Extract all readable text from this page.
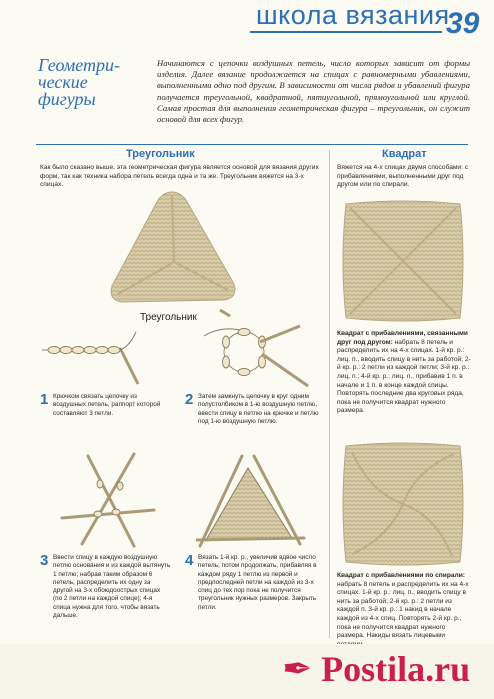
школа вязания
39
Геометри-
ческие
фигуры
Начинаются с цепочки воздушных петель, число которых зависит от формы изделия. Далее вязание продолжается на спицах с равномерными убавлениями, выполненными одно под другим. В зависимости от числа рядов и убавлений фигура получается треугольной, квадратной, пятиугольной, прямоугольной или круглой. Самая простая для выполнения геометрическая фигура – треугольник, он служит основой для всех фигур.
Треугольник
Как было сказано выше, эта геометрическая фигура является основой для вязания других форм, так как техника набора петель всегда одна и та же. Треугольник вяжется на 3-х спицах.
Треугольник
1 Крючком связать цепочку из воздушных петель, раппорт которой составляют 3 петли.
2 Затем замкнуть цепочку в круг одним полустолбиком в 1-ю воздушную петлю, ввести спицу в петлю на крючке и петлю под 1-ю воздушную петлю.
3 Ввести спицу в каждую воздушную петлю основания и из каждой вытянуть 1 петлю; набрав таким образом 6 петель, распределить их одну за другой на 3-х обоюдоострых спицах (по 2 петли на каждой спице); 4-я спица нужна для того, чтобы вязать дальше.
4 Вязать 1-й кр. р., увеличив вдвое число петель; потом продолжать, прибавляя в каждом ряду 1 петлю из первой и предпоследней петли на каждой из 3-х спиц до тех пор пока не получится треугольник нужных размеров. Закрыть петли.
Квадрат
Вяжется на 4-х спицах двумя способами: с прибавлениями, выполненными друг под другом или по спирали.
Квадрат с прибавлениями, связанными друг под другом: набрать 8 петель и распределить их на 4-х спицах. 1-й кр. р.: лиц. п., вводить спицу в нить за работой; 2-й кр. р.: 2 петли из каждой петли; 3-й кр. р.: лиц. п.; 4-й кр. р.: лиц. п., прибавив 1 п. в начале и 1 п. в конце каждой спицы. Повторять последние два круговых ряда, пока не получится квадрат нужного размера.
Квадрат с прибавлениями по спирали: набрать 8 петель и распределить их на 4-х спицах. 1-й кр. р.: лиц. п., вводить спицу в нить за работой; 2-й кр. р.: 2 петли из каждой п. 3-й кр. р.: 1 накид в начале каждой из 4-х спиц. Повторять 2-й кр. р., пока не получится квадрат нужного размера. Накиды вязать лицевыми
✒ Postila.ru
